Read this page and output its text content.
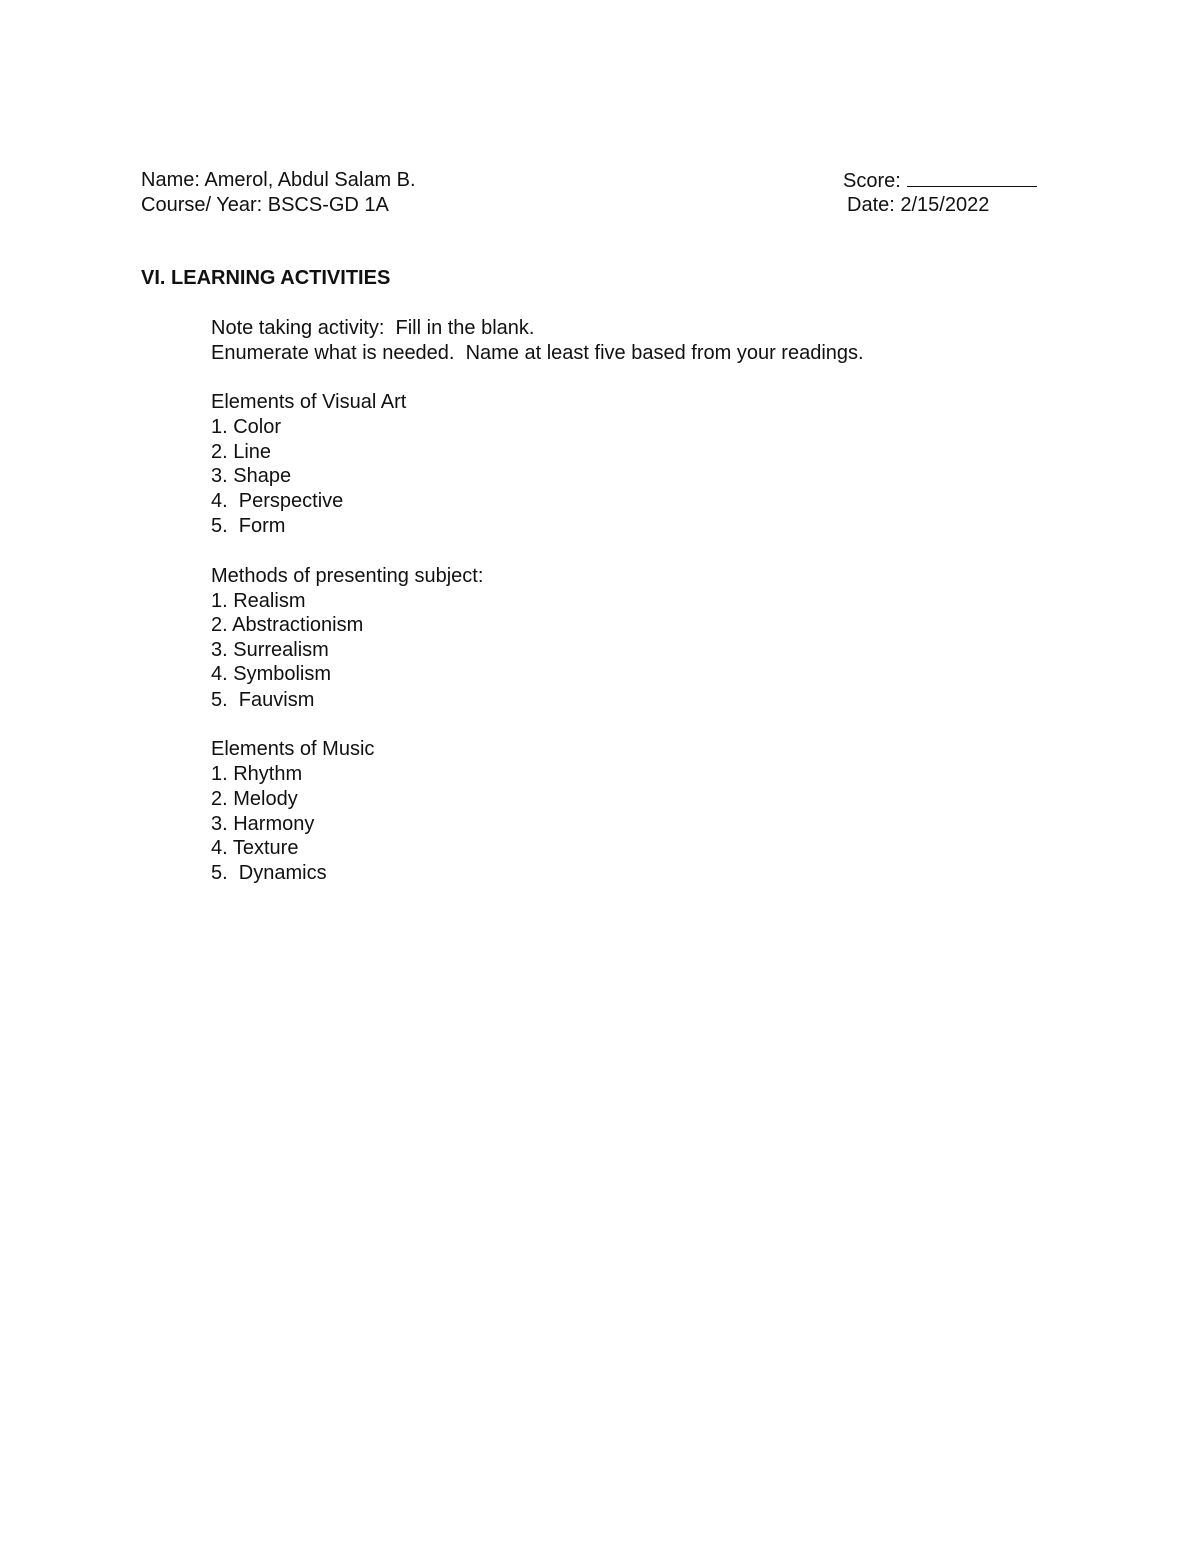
Name: Amerol, Abdul Salam B.
Course/ Year: BSCS-GD 1A
Score:
Date: 2/15/2022
VI. LEARNING ACTIVITIES
Note taking activity:  Fill in the blank.
Enumerate what is needed.  Name at least five based from your readings.
Elements of Visual Art
1. Color
2. Line
3. Shape
4.  Perspective
5.  Form
Methods of presenting subject:
1. Realism
2. Abstractionism
3. Surrealism
4. Symbolism
5.  Fauvism
Elements of Music
1. Rhythm
2. Melody
3. Harmony
4. Texture
5.  Dynamics
